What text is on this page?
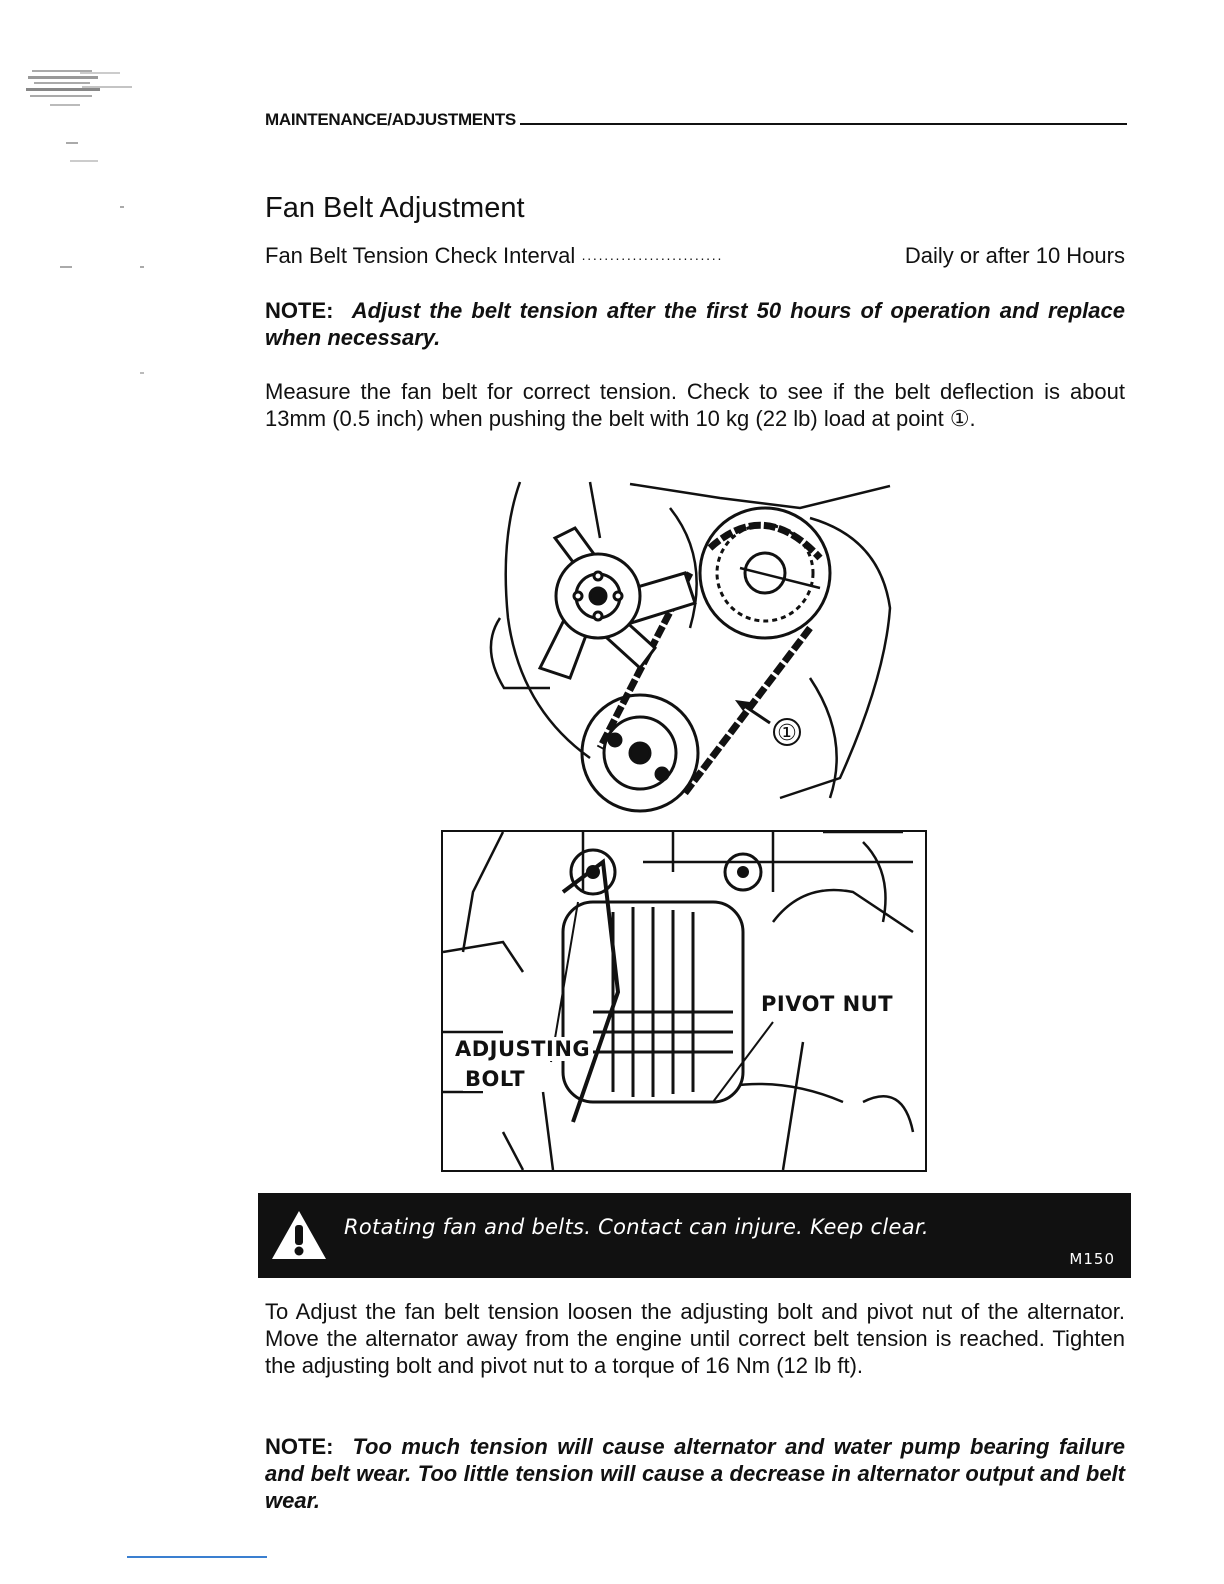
MAINTENANCE/ADJUSTMENTS
Fan Belt Adjustment
Fan Belt Tension Check Interval ·························	Daily or after 10 Hours

NOTE: Adjust the belt tension after the first 50 hours of operation and replace when necessary.

Measure the fan belt for correct tension. Check to see if the belt deflection is about 13mm (0.5 inch) when pushing the belt with 10 kg (22 lb) load at point ①.

①
PIVOT NUT
ADJUSTING
BOLT
Rotating fan and belts. Contact can injure. Keep clear.
M150

To Adjust the fan belt tension loosen the adjusting bolt and pivot nut of the alternator. Move the alternator away from the engine until correct belt tension is reached. Tighten the adjusting bolt and pivot nut to a torque of 16 Nm (12 lb ft).

NOTE: Too much tension will cause alternator and water pump bearing failure and belt wear. Too little tension will cause a decrease in alternator output and belt wear.
